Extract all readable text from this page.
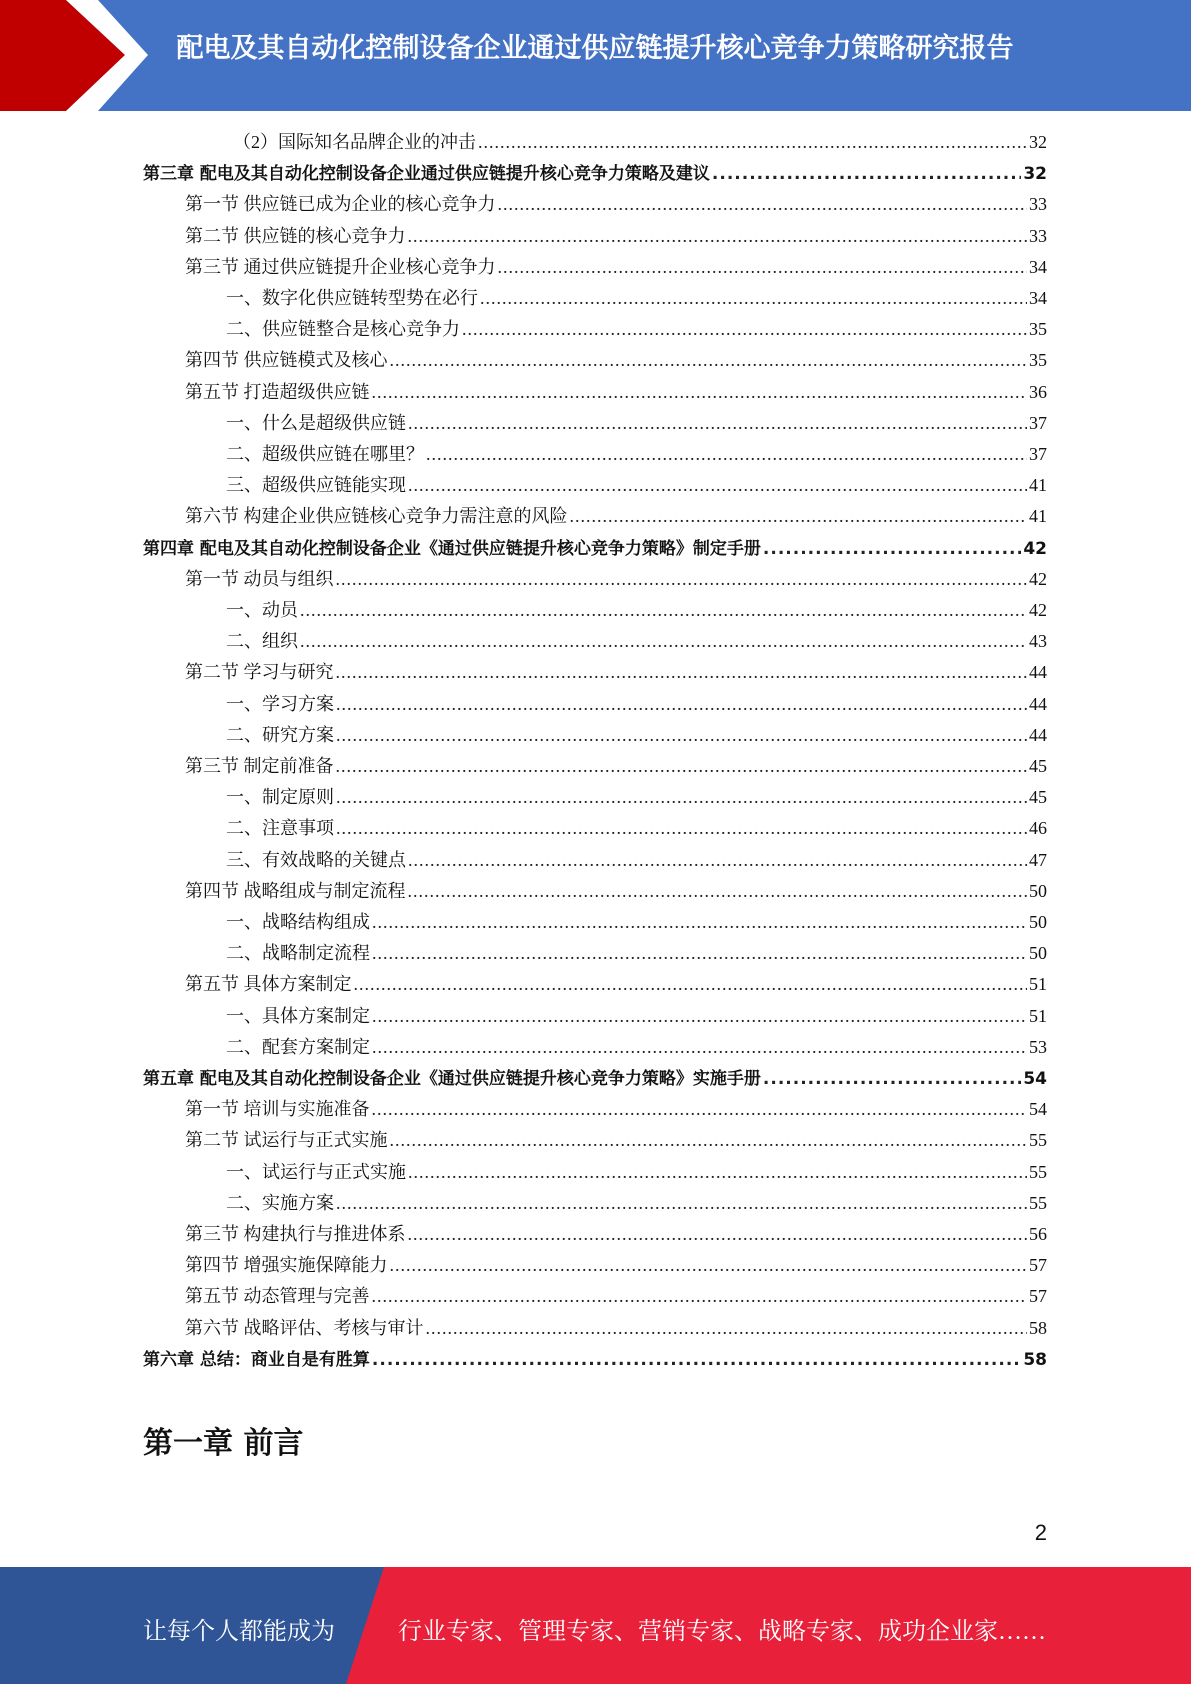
配电及其自动化控制设备企业通过供应链提升核心竞争力策略研究报告
（2）国际知名品牌企业的冲击 .....	32
第三章 配电及其自动化控制设备企业通过供应链提升核心竞争力策略及建议 .....	32
第一节 供应链已成为企业的核心竞争力 .....	33
第二节 供应链的核心竞争力 .....	33
第三节 通过供应链提升企业核心竞争力 .....	34
一、数字化供应链转型势在必行 .....	34
二、供应链整合是核心竞争力 .....	35
第四节 供应链模式及核心 .....	35
第五节 打造超级供应链 .....	36
一、什么是超级供应链 .....	37
二、超级供应链在哪里？ .....	37
三、超级供应链能实现 .....	41
第六节 构建企业供应链核心竞争力需注意的风险 .....	41
第四章 配电及其自动化控制设备企业《通过供应链提升核心竞争力策略》制定手册 .....	42
第一节 动员与组织 .....	42
一、动员 .....	42
二、组织 .....	43
第二节 学习与研究 .....	44
一、学习方案 .....	44
二、研究方案 .....	44
第三节 制定前准备 .....	45
一、制定原则 .....	45
二、注意事项 .....	46
三、有效战略的关键点 .....	47
第四节 战略组成与制定流程 .....	50
一、战略结构组成 .....	50
二、战略制定流程 .....	50
第五节 具体方案制定 .....	51
一、具体方案制定 .....	51
二、配套方案制定 .....	53
第五章 配电及其自动化控制设备企业《通过供应链提升核心竞争力策略》实施手册 .....	54
第一节 培训与实施准备 .....	54
第二节 试运行与正式实施 .....	55
一、试运行与正式实施 .....	55
二、实施方案 .....	55
第三节 构建执行与推进体系 .....	56
第四节 增强实施保障能力 .....	57
第五节 动态管理与完善 .....	57
第六节 战略评估、考核与审计 .....	58
第六章 总结：商业自是有胜算 .....	58
第一章 前言
2
让每个人都能成为	行业专家、管理专家、营销专家、战略专家、成功企业家……
